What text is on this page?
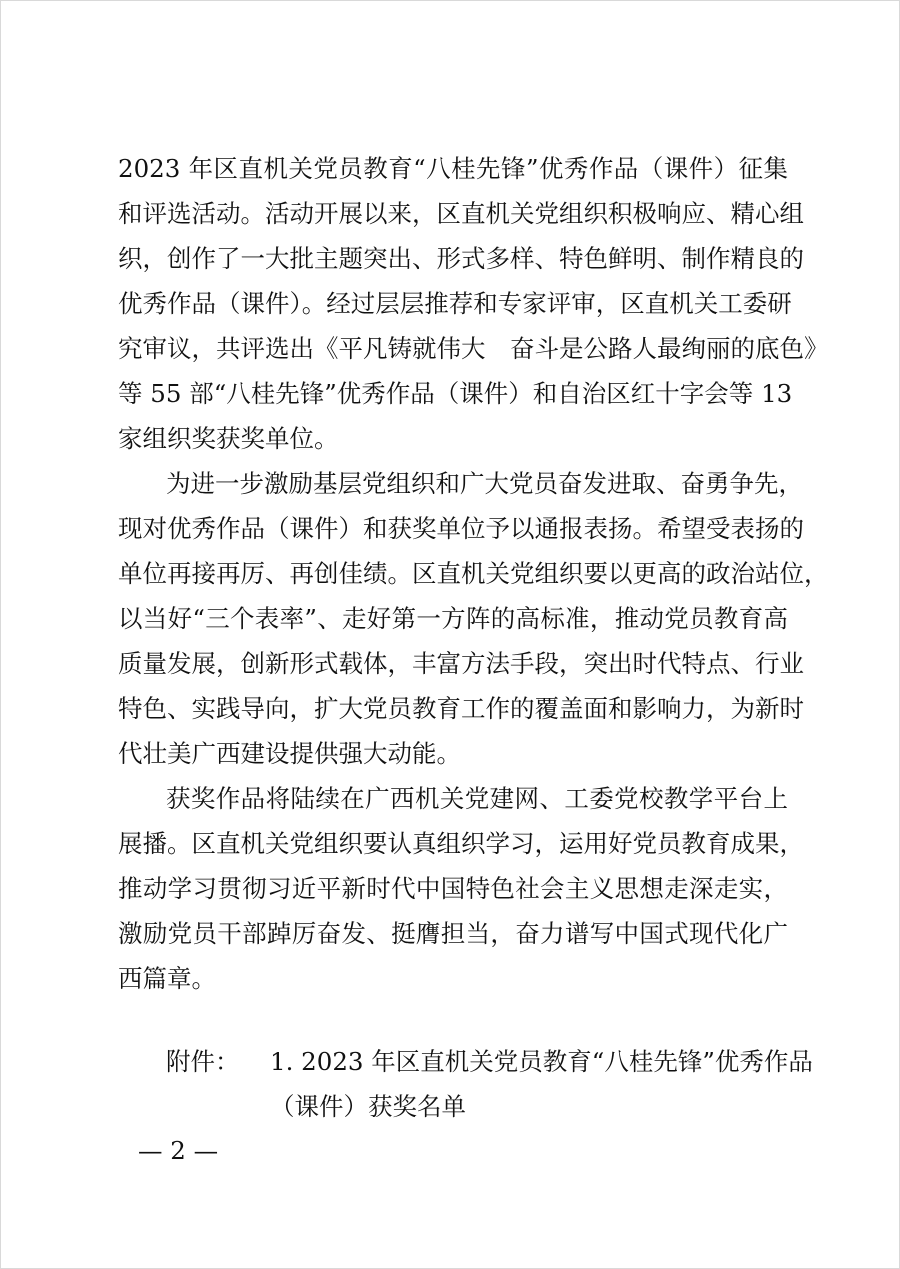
2023 年区直机关党员教育“八桂先锋”优秀作品（课件）征集
和评选活动。活动开展以来，区直机关党组织积极响应、精心组
织，创作了一大批主题突出、形式多样、特色鲜明、制作精良的
优秀作品（课件）。经过层层推荐和专家评审，区直机关工委研
究审议，共评选出《平凡铸就伟大　奋斗是公路人最绚丽的底色》
等 55 部“八桂先锋”优秀作品（课件）和自治区红十字会等 13
家组织奖获奖单位。
为进一步激励基层党组织和广大党员奋发进取、奋勇争先，
现对优秀作品（课件）和获奖单位予以通报表扬。希望受表扬的
单位再接再厉、再创佳绩。区直机关党组织要以更高的政治站位，
以当好“三个表率”、走好第一方阵的高标准，推动党员教育高
质量发展，创新形式载体，丰富方法手段，突出时代特点、行业
特色、实践导向，扩大党员教育工作的覆盖面和影响力，为新时
代壮美广西建设提供强大动能。
获奖作品将陆续在广西机关党建网、工委党校教学平台上
展播。区直机关党组织要认真组织学习，运用好党员教育成果，
推动学习贯彻习近平新时代中国特色社会主义思想走深走实，
激励党员干部踔厉奋发、挺膺担当，奋力谱写中国式现代化广
西篇章。
附件： 1. 2023 年区直机关党员教育“八桂先锋”优秀作品
（课件）获奖名单
— 2 —
